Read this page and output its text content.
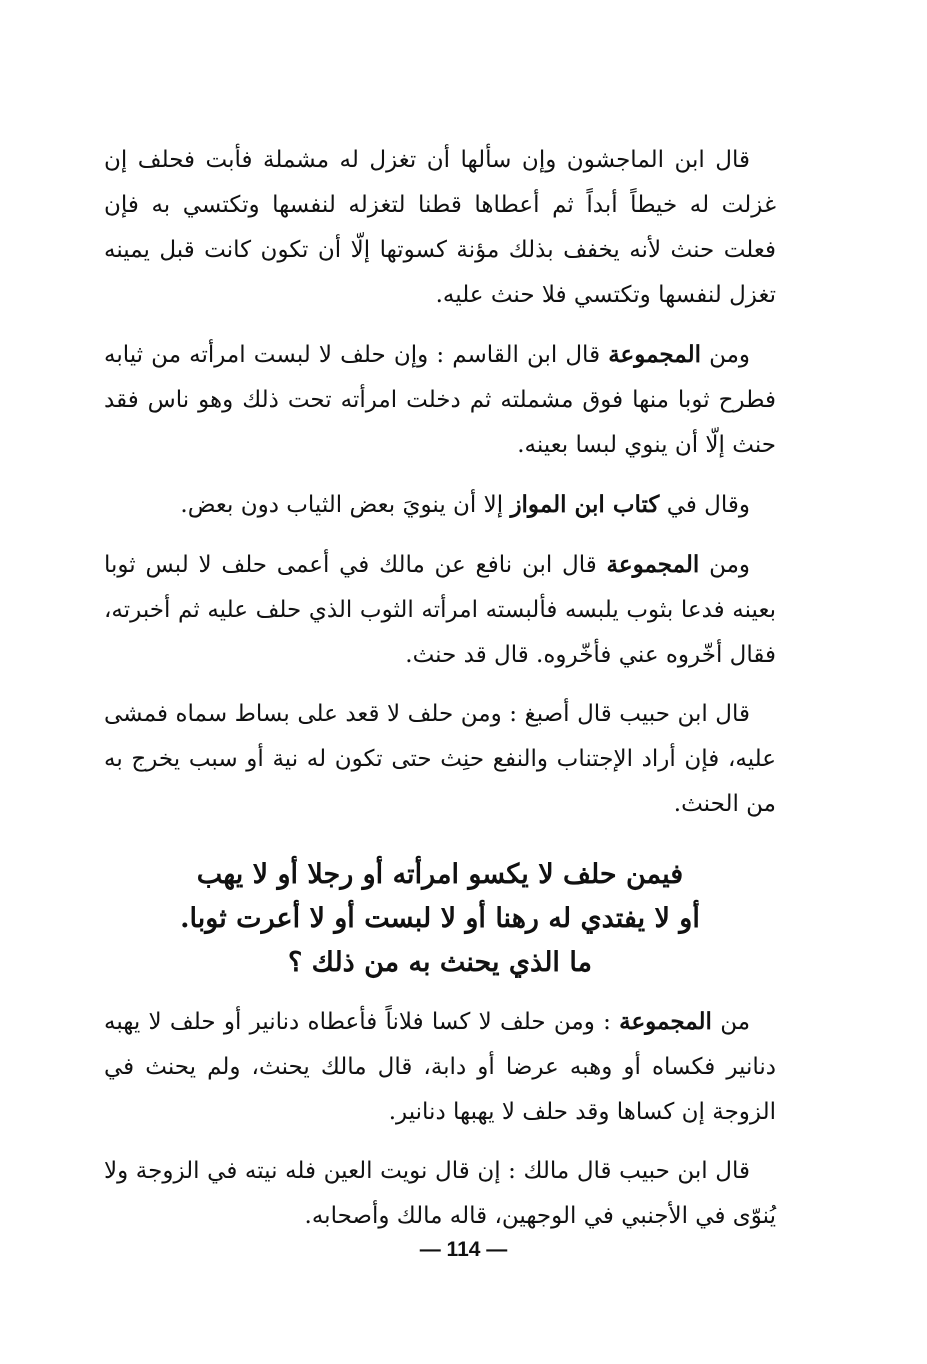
قال ابن الماجشون وإن سألها أن تغزل له مشملة فأبت فحلف إن غزلت له خيطاً أبداً ثم أعطاها قطنا لتغزله لنفسها وتكتسي به فإن فعلت حنث لأنه يخفف بذلك مؤنة كسوتها إلّا أن تكون كانت قبل يمينه تغزل لنفسها وتكتسي فلا حنث عليه.

ومن المجموعة قال ابن القاسم : وإن حلف لا لبست امرأته من ثيابه فطرح ثوبا منها فوق مشملته ثم دخلت امرأته تحت ذلك وهو ناس فقد حنث إلّا أن ينوي لبسا بعينه.

وقال في كتاب ابن المواز إلا أن ينويَ بعض الثياب دون بعض.

ومن المجموعة قال ابن نافع عن مالك في أعمى حلف لا لبس ثوبا بعينه فدعا بثوب يلبسه فألبسته امرأته الثوب الذي حلف عليه ثم أخبرته، فقال أخّروه عني فأخّروه. قال قد حنث.

قال ابن حبيب قال أصبغ : ومن حلف لا قعد على بساط سماه فمشى عليه، فإن أراد الإجتناب والنفع حنِث حتى تكون له نية أو سبب يخرج به من الحنث.

فيمن حلف لا يكسو امرأته أو رجلا أو لا يهب
أو لا يفتدي له رهنا أو لا لبست أو لا أعرت ثوبا.
ما الذي يحنث به من ذلك ؟

من المجموعة : ومن حلف لا كسا فلاناً فأعطاه دنانير أو حلف لا يهبه دنانير فكساه أو وهبه عرضا أو دابة، قال مالك يحنث، ولم يحنث في الزوجة إن كساها وقد حلف لا يهبها دنانير.

قال ابن حبيب قال مالك : إن قال نويت العين فله نيته في الزوجة ولا يُنوّى في الأجنبي في الوجهين، قاله مالك وأصحابه.

— 114 —
